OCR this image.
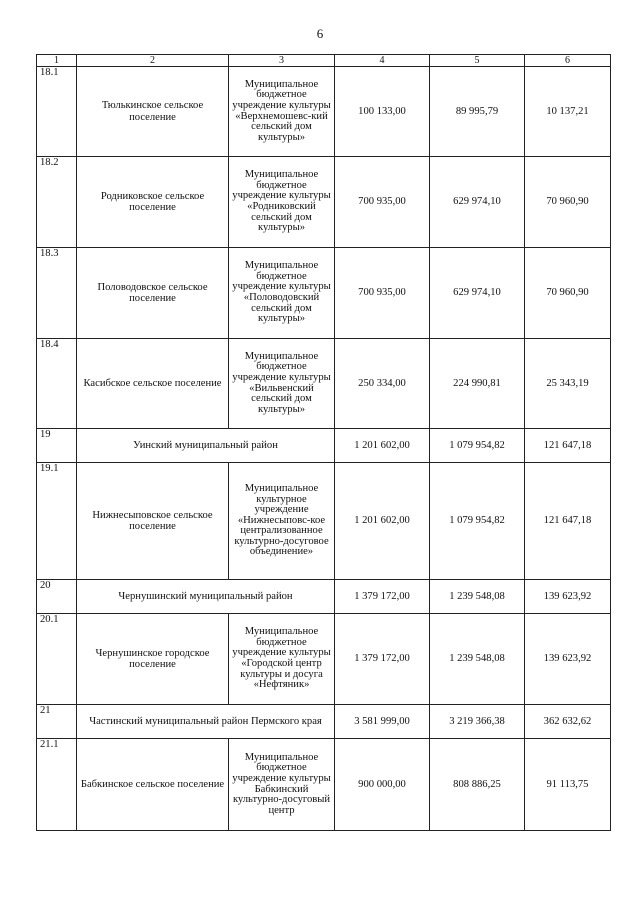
6
1	2	3	4	5	6
18.1	Тюлькинское сельское поселение	Муниципальное бюджетное учреждение культуры «Верхнемошевс-кий сельский дом культуры»	100 133,00	89 995,79	10 137,21
18.2	Родниковское сельское поселение	Муниципальное бюджетное учреждение культуры «Родниковский сельский дом культуры»	700 935,00	629 974,10	70 960,90
18.3	Половодовское сельское поселение	Муниципальное бюджетное учреждение культуры «Половодовский сельский дом культуры»	700 935,00	629 974,10	70 960,90
18.4	Касибское сельское поселение	Муниципальное бюджетное учреждение культуры «Вильвенский сельский дом культуры»	250 334,00	224 990,81	25 343,19
19	Уинский муниципальный район		1 201 602,00	1 079 954,82	121 647,18
19.1	Нижнесыповское сельское поселение	Муниципальное культурное учреждение «Нижнесыповс-кое централизованное культурно-досуговое объединение»	1 201 602,00	1 079 954,82	121 647,18
20	Чернушинский муниципальный район		1 379 172,00	1 239 548,08	139 623,92
20.1	Чернушинское городское поселение	Муниципальное бюджетное учреждение культуры «Городской центр культуры и досуга «Нефтяник»	1 379 172,00	1 239 548,08	139 623,92
21	Частинский муниципальный район Пермского края		3 581 999,00	3 219 366,38	362 632,62
21.1	Бабкинское сельское поселение	Муниципальное бюджетное учреждение культуры Бабкинский культурно-досуговый центр	900 000,00	808 886,25	91 113,75
